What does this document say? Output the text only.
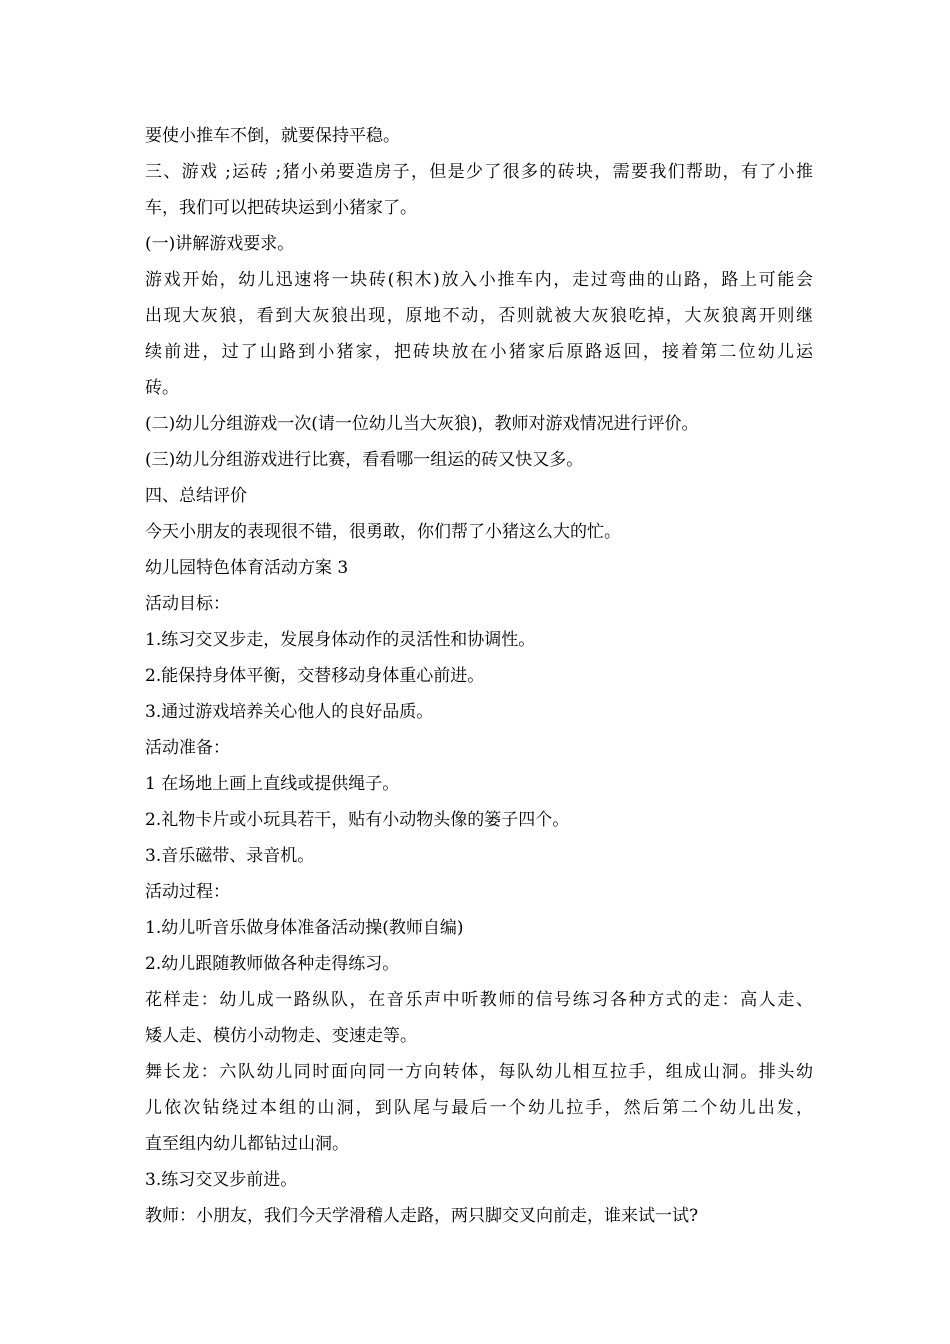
要使小推车不倒，就要保持平稳。
三、游戏 ;运砖 ;猪小弟要造房子，但是少了很多的砖块，需要我们帮助，有了小推
车，我们可以把砖块运到小猪家了。
(一)讲解游戏要求。
游戏开始，幼儿迅速将一块砖(积木)放入小推车内，走过弯曲的山路，路上可能会
出现大灰狼，看到大灰狼出现，原地不动，否则就被大灰狼吃掉，大灰狼离开则继
续前进，过了山路到小猪家，把砖块放在小猪家后原路返回，接着第二位幼儿运
砖。
(二)幼儿分组游戏一次(请一位幼儿当大灰狼)，教师对游戏情况进行评价。
(三)幼儿分组游戏进行比赛，看看哪一组运的砖又快又多。
四、总结评价
今天小朋友的表现很不错，很勇敢，你们帮了小猪这么大的忙。
幼儿园特色体育活动方案 3
活动目标：
1.练习交叉步走，发展身体动作的灵活性和协调性。
2.能保持身体平衡，交替移动身体重心前进。
3.通过游戏培养关心他人的良好品质。
活动准备：
1 在场地上画上直线或提供绳子。
2.礼物卡片或小玩具若干，贴有小动物头像的篓子四个。
3.音乐磁带、录音机。
活动过程：
1.幼儿听音乐做身体准备活动操(教师自编)
2.幼儿跟随教师做各种走得练习。
花样走：幼儿成一路纵队，在音乐声中听教师的信号练习各种方式的走：高人走、
矮人走、模仿小动物走、变速走等。
舞长龙：六队幼儿同时面向同一方向转体，每队幼儿相互拉手，组成山洞。排头幼
儿依次钻绕过本组的山洞，到队尾与最后一个幼儿拉手，然后第二个幼儿出发，
直至组内幼儿都钻过山洞。
3.练习交叉步前进。
教师：小朋友，我们今天学滑稽人走路，两只脚交叉向前走，谁来试一试?
